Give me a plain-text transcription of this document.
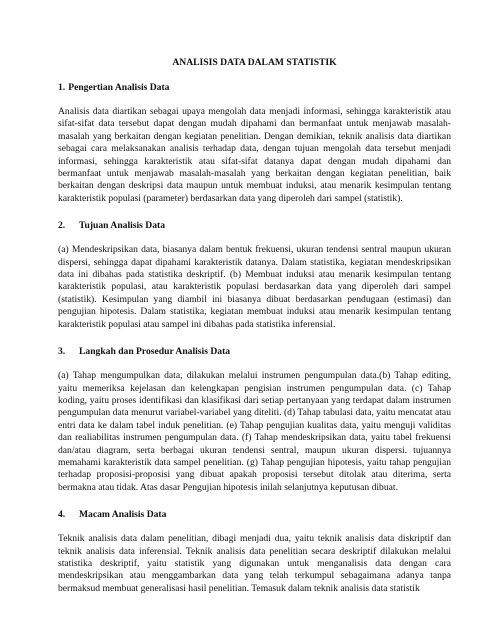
ANALISIS DATA DALAM STATISTIK
1. Pengertian Analisis Data

Analisis data diartikan sebagai upaya mengolah data menjadi informasi, sehingga karakteristik atau sifat-sifat data tersebut dapat dengan mudah dipahami dan bermanfaat untuk menjawab masalah-masalah yang berkaitan dengan kegiatan penelitian. Dengan demikian, teknik analisis data diartikan sebagai cara melaksanakan analisis terhadap data, dengan tujuan mengolah data tersebut menjadi informasi, sehingga karakteristik atau sifat-sifat datanya dapat dengan mudah dipahami dan bermanfaat untuk menjawab masalah-masalah yang berkaitan dengan kegiatan penelitian, baik berkaitan dengan deskripsi data maupun untuk membuat induksi, atau menarik kesimpulan tentang karakteristik populasi (parameter) berdasarkan data yang diperoleh dari sampel (statistik).

2. Tujuan Analisis Data

(a) Mendeskripsikan data, biasanya dalam bentuk frekuensi, ukuran tendensi sentral maupun ukuran dispersi, sehingga dapat dipahami karakteristik datanya. Dalam statistika, kegiatan mendeskripsikan data ini dibahas pada statistika deskriptif. (b) Membuat induksi atau menarik kesimpulan tentang karakteristik populasi, atau karakteristik populasi berdasarkan data yang diperoleh dari sampel (statistik). Kesimpulan yang diambil ini biasanya dibuat berdasarkan pendugaan (estimasi) dan pengujian hipotesis. Dalam statistika, kegiatan membuat induksi atau menarik kesimpulan tentang karakteristik populasi atau sampel ini dibahas pada statistika inferensial.

3. Langkah dan Prosedur Analisis Data

(a) Tahap mengumpulkan data, dilakukan melalui instrumen pengumpulan data.(b) Tahap editing, yaitu memeriksa kejelasan dan kelengkapan pengisian instrumen pengumpulan data. (c) Tahap koding, yaitu proses identifikasi dan klasifikasi dari setiap pertanyaan yang terdapat dalam instrumen pengumpulan data menurut variabel-variabel yang diteliti. (d) Tahap tabulasi data, yaitu mencatat atau entri data ke dalam tabel induk penelitian. (e) Tahap pengujian kualitas data, yaitu menguji validitas dan realiabilitas instrumen pengumpulan data. (f) Tahap mendeskripsikan data, yaitu tabel frekuensi dan/atau diagram, serta berbagai ukuran tendensi sentral, maupun ukuran dispersi. tujuannya memahami karakteristik data sampel penelitian. (g) Tahap pengujian hipotesis, yaitu tahap pengujian terhadap proposisi-proposisi yang dibuat apakah proposisi tersebut ditolak atau diterima, serta bermakna atau tidak. Atas dasar Pengujian hipotesis inilah selanjutnya keputusan dibuat.

4. Macam Analisis Data

Teknik analisis data dalam penelitian, dibagi menjadi dua, yaitu teknik analisis data diskriptif dan teknik analisis data inferensial. Teknik analisis data penelitian secara deskriptif dilakukan melalui statistika deskriptif, yaitu statistik yang digunakan untuk menganalisis data dengan cara mendeskripsikan atau menggambarkan data yang telah terkumpul sebagaimana adanya tanpa bermaksud membuat generalisasi hasil penelitian. Temasuk dalam teknik analisis data statistik
